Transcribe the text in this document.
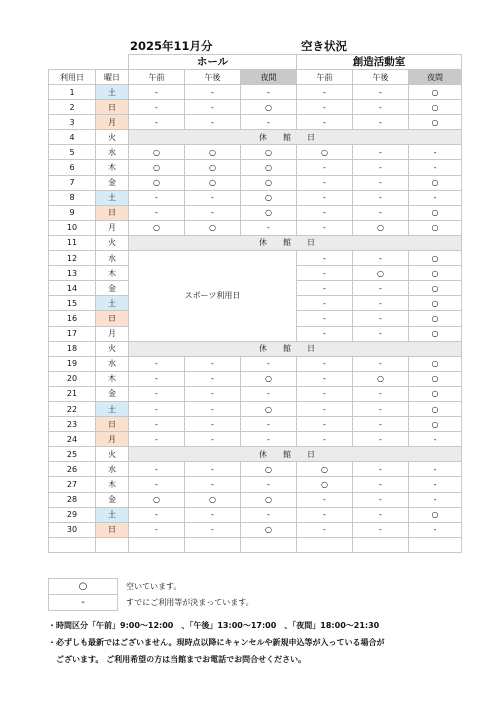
2025年11月分	空き状況
		ホール			創造活動室		
利用日	曜日	午前	午後	夜間	午前	午後	夜間
1	土	-	-	-	-	-	○
2	日	-	-	○	-	-	○
3	月	-	-	-	-	-	○
4	火	休館日					
5	水	○	○	○	○	-	-
6	木	○	○	○	-	-	-
7	金	○	○	○	-	-	○
8	土	-	-	○	-	-	-
9	日	-	-	○	-	-	○
10	月	○	○	-	-	○	○
11	火	休館日					
12	水	スポーツ利用日			-	-	○
13	木				-	○	○
14	金				-	-	○
15	土				-	-	○
16	日				-	-	○
17	月				-	-	○
18	火	休館日					
19	水	-	-	-	-	-	○
20	木	-	-	○	-	○	○
21	金	-	-	-	-	-	○
22	土	-	-	○	-	-	○
23	日	-	-	-	-	-	○
24	月	-	-	-	-	-	-
25	火	休館日					
26	水	-	-	○	○	-	-
27	木	-	-	-	○	-	-
28	金	○	○	○	-	-	-
29	土	-	-	-	-	-	○
30	日	-	-	○	-	-	-

○	空いています。
-	すでにご利用等が決まっています。
・時間区分「午前」9:00～12:00　、「午後」13:00～17:00　、「夜間」18:00～21:30
・必ずしも最新ではございません。現時点以降にキャンセルや新規申込等が入っている場合が
ございます。 ご利用希望の方は当館までお電話でお問合せください。
